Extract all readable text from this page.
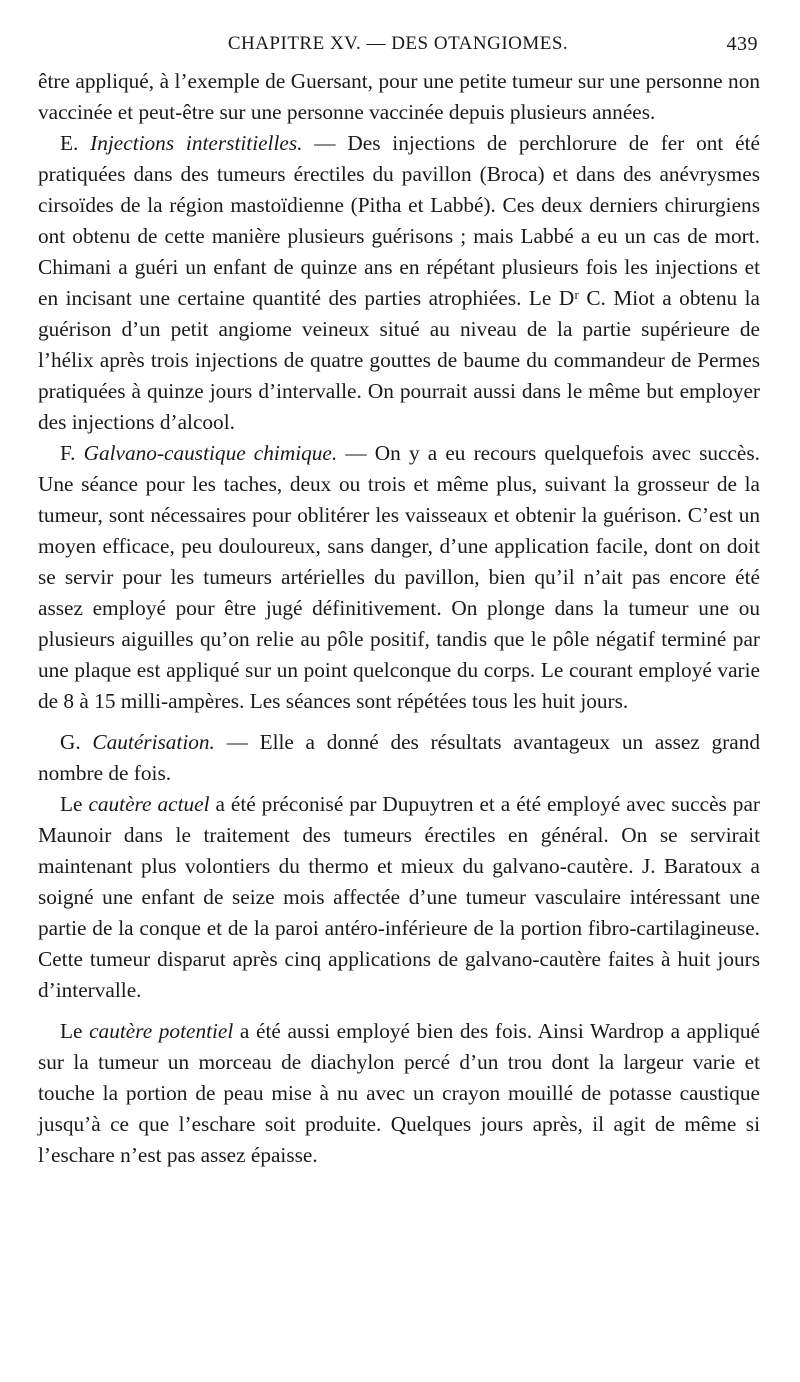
CHAPITRE XV. — DES OTANGIOMES.	439

être appliqué, à l’exemple de Guersant, pour une petite tumeur sur une personne non vaccinée et peut-être sur une personne vaccinée depuis plusieurs années.

E. Injections interstitielles. — Des injections de perchlorure de fer ont été pratiquées dans des tumeurs érectiles du pavillon (Broca) et dans des anévrysmes cirsoïdes de la région mastoïdienne (Pitha et Labbé). Ces deux derniers chirurgiens ont obtenu de cette manière plusieurs guérisons ; mais Labbé a eu un cas de mort. Chimani a guéri un enfant de quinze ans en répétant plusieurs fois les injections et en incisant une certaine quantité des parties atrophiées. Le Dʳ C. Miot a obtenu la guérison d’un petit angiome veineux situé au niveau de la partie supérieure de l’hélix après trois injections de quatre gouttes de baume du commandeur de Permes pratiquées à quinze jours d’intervalle. On pourrait aussi dans le même but employer des injections d’alcool.

F. Galvano-caustique chimique. — On y a eu recours quelquefois avec succès. Une séance pour les taches, deux ou trois et même plus, suivant la grosseur de la tumeur, sont nécessaires pour oblitérer les vaisseaux et obtenir la guérison. C’est un moyen efficace, peu douloureux, sans danger, d’une application facile, dont on doit se servir pour les tumeurs artérielles du pavillon, bien qu’il n’ait pas encore été assez employé pour être jugé définitivement. On plonge dans la tumeur une ou plusieurs aiguilles qu’on relie au pôle positif, tandis que le pôle négatif terminé par une plaque est appliqué sur un point quelconque du corps. Le courant employé varie de 8 à 15 milli-ampères. Les séances sont répétées tous les huit jours.

G. Cautérisation. — Elle a donné des résultats avantageux un assez grand nombre de fois.

Le cautère actuel a été préconisé par Dupuytren et a été employé avec succès par Maunoir dans le traitement des tumeurs érectiles en général. On se servirait maintenant plus volontiers du thermo et mieux du galvano-cautère. J. Baratoux a soigné une enfant de seize mois affectée d’une tumeur vasculaire intéressant une partie de la conque et de la paroi antéro-inférieure de la portion fibro-cartilagineuse. Cette tumeur disparut après cinq applications de galvano-cautère faites à huit jours d’intervalle.

Le cautère potentiel a été aussi employé bien des fois. Ainsi Wardrop a appliqué sur la tumeur un morceau de diachylon percé d’un trou dont la largeur varie et touche la portion de peau mise à nu avec un crayon mouillé de potasse caustique jusqu’à ce que l’eschare soit produite. Quelques jours après, il agit de même si l’eschare n’est pas assez épaisse.
